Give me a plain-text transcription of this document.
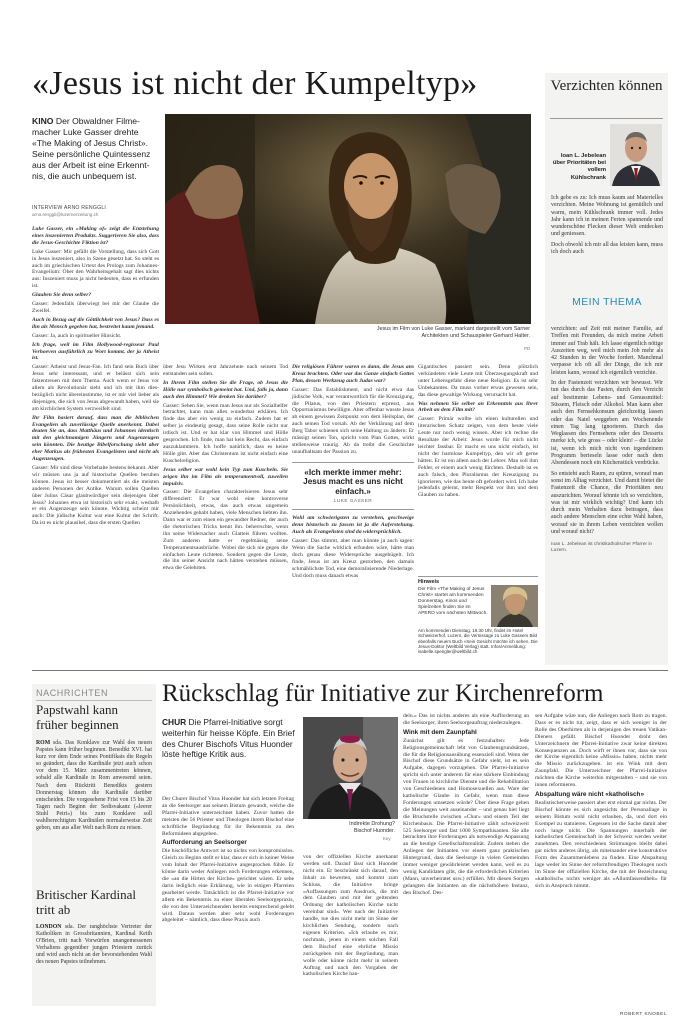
«Jesus ist nicht der Kumpeltyp»
KINO Der Obwaldner Filme-macher Luke Gasser drehte «The Making of Jesus Christ». Seine persönliche Quintessenz aus der Arbeit ist eine Erkennt-nis, die auch unbequem ist.
INTERVIEW ARNO RENGGLI
arno.renggli@luzernerzeitung.ch
Jesus im Film von Luke Gasser, markant dargestellt vom Sarner Architekten und Schauspieler Gerhard Halter.
PD

Luke Gasser, ein «Making of» zeigt die Entstehung eines inszenierten Produkts. Suggerieren Sie also, dass die Jesus-Geschichte Fiktion ist?

Luke Gasser: Mir gefällt die Vorstellung, dass sich Gott in Jesus inszeniert, also in Szene gesetzt hat. So steht es auch im griechischen Urtext des Prologs zum Johannes-Evangelium: Ober den Wahrheitsgehalt sagt dies nichts aus: Inszeniert muss ja nicht bedeuten, dass es erfunden ist.

Glauben Sie denn selber?

Gasser: Jedenfalls überwiegt bei mir der Glaube die Zweifel.

Auch in Bezug auf die Göttlichkeit von Jesus? Dass es ihn als Mensch gegeben hat, bestreitet kaum jemand.

Gasser: Ja, auch in spiritueller Hinsicht.

Ich frage, weil im Film Hollywood-regisseur Paul Verhoeven ausführlich zu Wort kommt, der ja Atheist ist.

Gasser: Atheist und Jesus-Fan. Ich fand sein Buch über Jesus sehr interessant, und er belässt sich sein faktentreuen mit dem Thema. Auch wenn er Jesus vor allem als Revolutionär sieht und ich mit ihm dies-bezüglich nicht übereinstimme, ist er mir viel lieber als diejenigen, die sich von Jesus abgewandt haben, weil sie am kirchlichen System verzweifelt sind.

Ihr Film basiert darauf, dass man die biblischen Evangelien als zuverlässige Quelle anerkennt. Dabei deuten Sie an, dass Matthäus und Johannes identisch mit den gleichnamigen Jüngern und Augenzeugen sein könnten. Die heutige Bibelforschung sieht aber eher Markus als frühesten Evangelisten und nicht als Augenzeugen.

Gasser: Mir sind diese Vorbehalte bestens bekannt. Aber wir müssen uns ja auf historische Quellen beruhen können. Jesus ist besser dokumentiert als die meisten anderen Personen der Antike. Warum sollen Quellen über Julius Cäsar glaubwürdiger sein diejenigen über Jesus? Johannes etwa ist historisch sehr exakt, weshalb er ein Augenzeuge sein könnte. Wichtig scheint mir auch: Die jüdische Kultur war eine Kultur der Schrift. Da ist es nicht plausibel, dass die ersten Quellen

über Jesu Wirken erst Jahrzehnte nach seinem Tod entstanden sein sollen.

In Ihrem Film stellen Sie die Frage, ob Jesus die Hölle nur symbolisch gemeint hat. Und, falls ja, dann auch den Himmel? Wie denken Sie darüber?

Gasser: Sehen Sie, wenn man Jesus nur als Sozialhelfer betrachtet, kann man alles wunderbar erklären. Ich finde das aber ein wenig zu einfach. Zudem hat er selber ja eindeutig gesagt, dass seine Rolle nicht nur irdisch ist. Und er hat klar von Himmel und Hölle gesprochen. Ich finde, man hat kein Recht, das einfach auszuklammern. Ich hoffe natürlich, dass es keine Hölle gibt. Aber das Christentum ist nicht einfach eine Kuschelreligion.

Jesus selber war wohl kein Typ zum Kuscheln. Sie zeigen ihn im Film als temperamentvoll, zuweilen impulsiv.

Gasser: Die Evangelien charakterisieren Jesus sehr differenziert: Er war wohl eine kontroverse Persönlichkeit, etwas, das auch etwas ungemein Anziehendes gehabt haben, viele Menschen liebten ihn. Dann war er zum einen ein gewandter Redner, der auch die rhetorischen Tricks kennt ihn. beherrschte, wenn ihn seine Widersacher auch Glatteis führen wollten. Zum anderen hatte er regelmässig seine Temperamentsausbrüche. Wobei die sich nie gegen die einfachen Leute richteten. Sondern gegen die Leute, die ihn seiner Ansicht nach hätten verstehen müssen, etwa die Gelehrten.

Die religiösen Führer waren es dann, die Jesus ans Kreuz brachten. Oder war das Ganze einfach Gottes Plan, dessen Werkzeug auch Judas war?

Gasser: Das Establishment, und nicht etwa das jüdische Volk, war verantwortlich für die Kreuzigung, die Pilatus, von den Priestern erpresst, aus Opportunismus bewilligte. Aber offenbar wusste Jesus ab einem gewissen Zeitpunkt von dem Heilsplan, der auch seinen Tod vorsah. Ab der Verklärung auf dem Berg Tabor schienen sich seine Haltung zu ändern: Er mässigt seinen Ton, spricht vom Plan Gottes, wirkt stellenweise traurig. Ab da treibt die Geschichte unaufhaltsam der Passion zu.

«Ich merkte immer mehr: Jesus macht es uns nicht einfach.»
LUKE GASSER

Wohl am schwierigsten zu verstehen, geschweige denn historisch zu fassen ist ja die Auferstehung. Auch als Evangelisten sind da widersprüchlich.

Gasser: Das stimmt, aber man könnte ja auch sagen: Wenn die Sache wirklich erfunden wäre, hätte man doch genau diese Widersprüche ausgebügelt. Ich finde, Jesus ist am Kreuz gestorben, den damals schmählichste Tod, eine demoralisierende Niederlage. Und doch muss danach etwas

Gigantisches passiert sein. Denn plötzlich verkündeten viele Leute mit Überzeugungskraft und unter Lebensgefahr diese neue Religion. Es ist sehr Unbekanntes. Da muss vorher etwas gewesen sein, das diese gewaltige Wirkung verursacht hat.

Was nehmen Sie selber an Erkenntnis aus Ihrer Arbeit an dem Film mit?

Gasser: Primär wollte ich einen kulturellen und literarischen Schatz zeigen, von dem heute viele Leute nur noch wenig wissen. Aber ich rechne die Resultate der Arbeit: Jesus wurde für mich nicht leichter fassbar. Er macht es uns nicht einfach, ist nicht der harmlose Kumpeltyp, den wir oft gerne hätten. Er ist ein allem auch der Lehrer. Man soll ihm Fehler, er einem auch wenig fürchten. Deshalb ist es auch falsch, den Pluralismus der Kreuzigung zu ignorieren, wie das heute oft gefordert wird. Ich habe jedenfalls gelernt, mehr Respekt vor ihm und dem Glauben zu haben.

Hinweis
Der Film «The Making of Jesus Christ» startet am kommenden Donnerstag. Kinos und Spielzeiten finden Sie im APERO vom nächsten Mittwoch.
Am kommenden Dienstag, 19.30 Uhr, findet im Hotel Schweizerhof, Luzern, die Vernissage zu Luke Gassers Bild ebenfalls neuem Buch «Sein Gesicht möchte ich sehen. Die Jesus-Doktor (Weltbild Verlag) statt. Infos/Anmeldung: isabelle.spengler@weltbild.ch
Verzichten können
Ioan L. Jebelean über Prioritäten bei vollem Kühlschrank

Ich gebe es zu: Ich muss kaum auf Materielles verzichten. Meine Wohnung ist gemütlich und warm, mein Kühlschrank immer voll. Jedes Jahr kann ich in meinen Ferien spannende und wunderschöne Flecken dieser Welt entdecken und geniessen.

Doch obwohl ich mir all das leisten kann, muss ich doch auch

MEIN THEMA

verzichten: auf Zeit mit meiner Familie, auf Treffen mit Freunden, da mich meine Arbeit immer auf Trab hält. Ich lasse eigentlich nötige Auszeiten weg, weil mich mein Job mehr als 42 Stunden in der Woche fordert. Manchmal verpasse ich oft all der Dinge, die ich mir leisten kann, worauf ich eigentlich verzichte.

In der Fastenzeit verzichten wir bewusst. Wir tun das durch das Fasten, durch den Verzicht auf bestimmte Lebens- und Genussmittel: Süssem, Fleisch oder Alkohol. Man kann aber auch den Fernsehkonsum gleichzeitig lassen oder das Natel weggeben am Wochenende einen Tag lang ignorieren. Durch das Weglassen des Fernsehens oder des Desserts merke ich, wie gross – oder klein! – die Lücke ist, wenn ich mich nicht von irgendeinem Programm berieseln lasse oder nach dem Abendessen noch ein Küchenstück verdrücke.

So entsteht auch Raum, zu spüren, worauf man sonst im Alltag verzichtet. Und damit bietet die Fastenzeit die Chance, die Prioritäten neu auszurichten. Worauf könnte ich so verzichten, was ist mir wirklich wichtig? Und kann ich durch mein Verhalten dazu beitragen, dass auch andere Menschen eine echte Wahl haben, worauf sie in ihrem Leben verzichten wollen und worauf nicht?

Ioan L. Jebelean ist christkatholischer Pfarrer in Luzern.

NACHRICHTEN
Papstwahl kann früher beginnen
ROM sda. Das Konklave zur Wahl des neuen Papstes kann früher beginnen. Benedikt XVI. hat kurz vor dem Ende seines Pontifikats die Regeln so geändert, dass die Kardinäle jetzt auch schon vor dem 15. März zusammentreten können, sobald alle Kardinäle in Rom anwesend seien. Nach dem Rücktritt Benedikts gestern Donnerstag können die Kardinäle darüber entscheiden. Die vorgesehene Frist von 15 bis 20 Tagen nach Beginn der Sedisvakanz («leerer Stuhl Petri») bis zum Konklave soll wahlberechtigten Kardinälen normalerweise Zeit geben, um aus aller Welt nach Rom zu reisen.
Britischer Kardinal tritt ab
LONDON sda. Der ranghöchste Vertreter der Katholiken in Grossbritannien, Kardinal Keith O'Brien, tritt nach Vorwürfen unangemessenen Verhaltens gegenüber jungen Priestern zurück und wird auch nicht an der bevorstehenden Wahl des neuen Papstes teilnehmen.
Rückschlag für Initiative zur Kirchenreform
CHUR Die Pfarrei-Initiative sorgt weiterhin für heisse Köpfe. Ein Brief des Churer Bischofs Vitus Huonder löste heftige Kritik aus.
Indirekte Drohung? Bischof Huonder.
Key

Der Churer Bischof Vitus Huonder hat sich letzten Freitag an die Seelsorger aus seinem Bistum gewandt, welche die Pfarrei-Initiative unterzeichnet haben. Zuvor hatten die meisten der 56 Priester und Theologen ihrem Bischof eine schriftliche Begründung für ihr Bekenntnis zu den Reformideen abgegeben.

Aufforderung an Seelsorger

Die bischöfliche Antwort ist so nichts von kompromisslos. Gleich zu Beginn stellt er klar, dass er sich in keiner Weise vom Inhalt der Pfarrei-Initiative angesprochen fühle. Er könne darin weder Anliegen noch Forderungen erkennen, die «an die Hirten der Kirche» gerichtet wären. Er sehe darin lediglich eine Erklärung, wie in einigen Pfarreien gearbeitet werde. Tatsächlich ist die Pfarrei-Initiative vor allem ein Bekenntnis zu einer liberalen Seelsorgepraxis, die von den Unterzeichnenden bereits entsprechend gelebt wird. Daraus werden aber sehr wohl Forderungen abgeleitet – nämlich, dass diese Praxis auch

von der offiziellen Kirche anerkannt werden soll. Darauf lässt sich Huonder nicht ein. Er beschränkt sich darauf, den Inhalt zu bewerten, und kommt zum Schluss, die Initiative bringe «Auffassungen zum Ausdruck, die mit dem Glauben und mit der geltenden Ordnung der katholischen Kirche nicht vereinbar sind». Wer nach der Initiative handle, tue dies nicht mehr im Sinne der kirchlichen Sendung, sondern nach eigenen Kriterien. «Ich erlaube es mir, nochmals, jenen in einem solchen Fall dem Bischof eine ehrliche Missio zurückgeben mit der Begründung, man wolle oder könne nicht mehr in seinem Auftrag und nach den Vorgaben der katholischen Kirche han-

deln.» Das ist nichts anderes als eine Aufforderung an die Seelsorger, ihren Seelsorgeauftrag niederzulegen.

Wink mit dem Zaunpfahl

Zunächst gilt es festzuhalten: Jede Religionsgemeinschaft lebt von Glaubensgrundsätzen, die für die Religionsausübung essenziell sind. Wenn der Bischof diese Grundsätze in Gefahr sieht, ist es sein Aufgabe, dagegen vorzugehen. Die Pfarrei-Initiative spricht sich unter anderem für eine stärkere Einbindung von Frauen in kirchliche Dienste und die Rehabilitation von Geschiedenen und Homosexuellen aus. Ware der katholische Glaube in Gefahr, wenn man diese Forderungen umsetzen würde? Über diese Frage gehen die Meinungen weit auseinander – und genau hier liegt die Bruchstelle zwischen «Chur» und einem Teil der Kirchenbasis. Die Pfarrei-Initiative zählt schweizweit 525 Seelsorger und fast 1000 Sympathisanten. Sie alle betrachten ihre Forderungen als notwendige Anpassung an die heutige Gesellschaftsrealität. Zudem stehen die Anliegen der Initianten vor einem ganz praktischen Hintergrund, dass die Seelsorge in vielen Gemeinden immer weniger gewährleistet werden kann, weil es zu wenig Kandidaten gibt, die die erforderlichen Kriterien (Mann, unverheiratet usw.) erfüllen. Mit diesen Sorgen gelangten die Initianten an die nächsthöhere Instanz, den Bischof. Des-

sen Aufgabe wäre nun, die Anliegen nach Rom zu tragen. Dass er es nicht tut, zeigt, dass er sich weniger in der Rolle des Oberhirten als in derjenigen des treuen Vatikan-Dieners gefällt. Bischof Huonder droht den Unterzeichnern der Pfarrei-Initiative zwar keine direkten Konsequenzen an. Doch wirft er ihnen vor, dass sie von der Kirche eigentlich keine «Missio» haben, nichts mehr die Missio zurückzugeben. ist ein Wink mit dem Zaunpfahl. Die Unterzeichner der Pfarrei-Initiative möchten die Kirche weiterhin mitgestalten – und sie von innen reformieren.

Abspaltung wäre nicht «katholisch»

Realistischerweise passiert aber erst einmal gar nichts. Der Bischof könnte es sich angesichts der Personallage in seinem Bistum wohl nicht erlauben, da, und dort ein Exempel zu statuieren. Gegessen ist die Sache damit aber noch lange nicht. Die Spannungen innerhalb der katholischen Gemeinschaft in der Schweiz werden weiter zunehmen. Den verschiedenen Strömungen bleibt dabei gar nichts anderes übrig, als miteinander eine konstruktive Form des Zusammenlebens zu finden. Eine Abspaltung lage weder im Sinne der reformfreudigen Theologen noch im Sinne der offiziellen Kirche, die mit der Bezeichnung «katholisch» nichts weniger als «Allumfassendheit» für sich in Anspruch nimmt.

ROBERT KNOBEL
